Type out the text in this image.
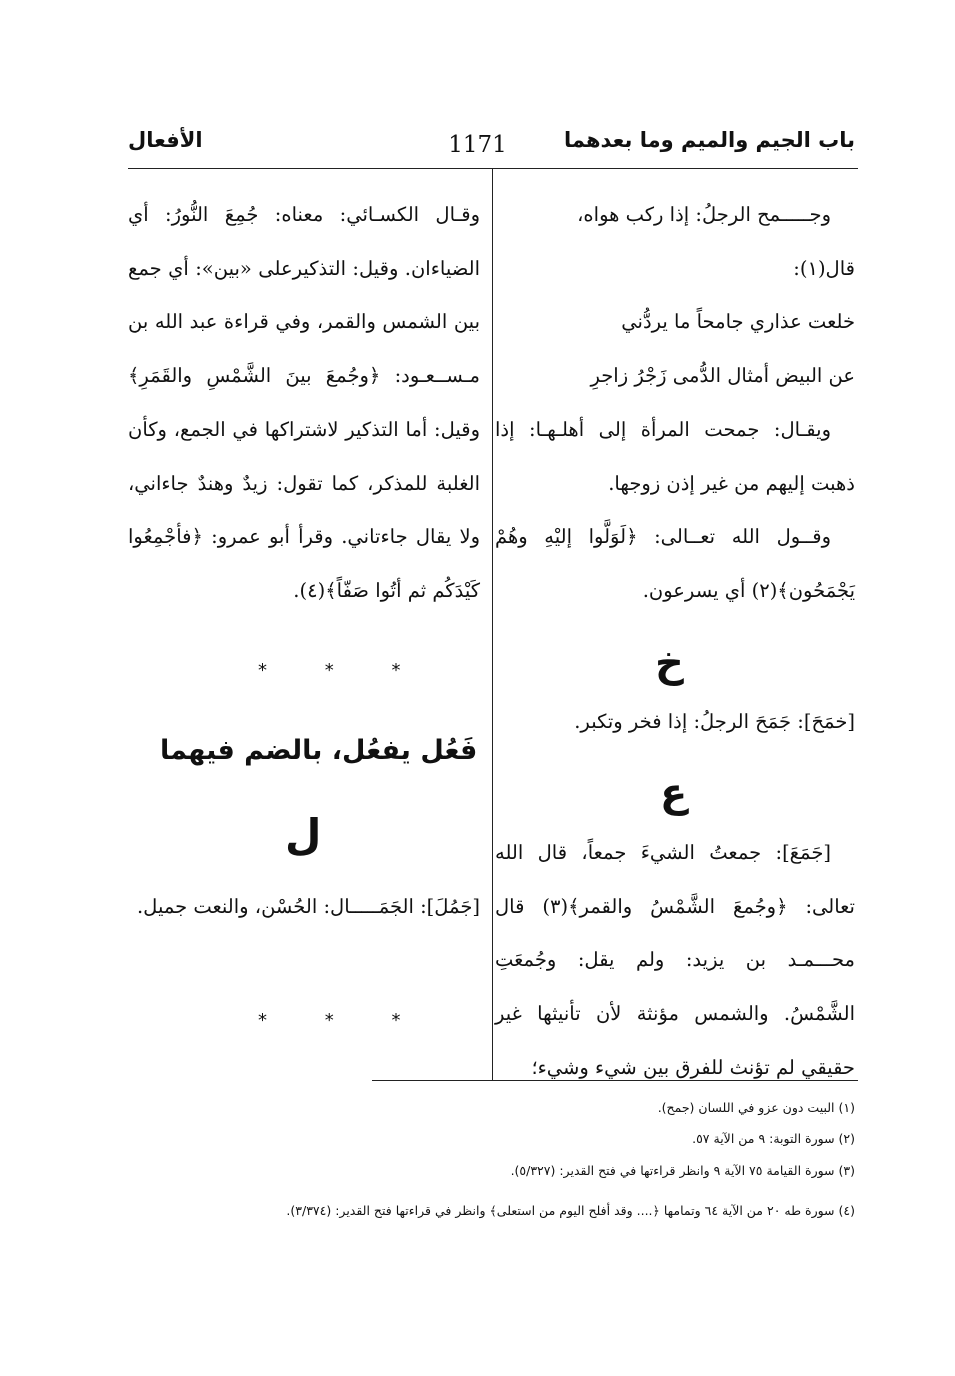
باب الجيم والميم وما بعدهما
1171
الأفعال

وجـــــمح الرجلُ: إذا ركب هواه،

قال(١):

خلعت عذاري جامحاً ما يردُّني

عن البيض أمثال الدُّمى زَجْرُ زاجرِ

ويقـال: جمحت المرأة إلى أهلـهـا: إذا ذهبت إليهم من غير إذن زوجها.

وقــول الله تعــالى: ﴿لَوَلَّوا إليْهِ وهُمْ يَجْمَحُون﴾(٢) أي يسرعون.

خ

[خمَحَ]: جَمَحَ الرجلُ: إذا فخر وتكبر.

ع

[جَمَعَ]: جمعتُ الشيءَ جمعاً، قال الله تعالى: ﴿وجُمعَ الشَّمْسُ والقمر﴾(٣) قال محـــمـد بن يزيد: ولم يقل: وجُمعَتِ الشَّمْسُ. والشمس مؤنثة لأن تأنيثها غير حقيقي لم تؤنث للفرق بين شيء وشيء؛

وقـال الكسـائي: معناه: جُمِعَ النُّورُ: أي الضياءان. وقيل: التذكيرعلى «بين»: أي جمع بين الشمس والقمر، وفي قراءة عبد الله بن مـســعـود: ﴿وجُمعَ بينَ الشَّمْسِ والقَمَرِ﴾ وقيل: أما التذكير لاشتراكها في الجمع، وكأن الغلبة للمذكر، كما تقول: زيدٌ وهندٌ جاءاني، ولا يقال جاءتاني. وقرأ أبو عمرو: ﴿فأجْمِعُوا كَيْدَكُم ثم أتُوا صَفّاً﴾(٤).

* * *
فَعُل يفعُل، بالضم فيهما
ل

[جَمُلَ]: الجَمَـــــال: الحُسْن، والنعت جميل.

* * *
(١) البيت دون عزو في اللسان (جمح).
(٢) سورة التوبة: ٩ من الآية ٥٧.
(٣) سورة القيامة ٧٥ الآية ٩ وانظر قراءتها في فتح القدير: (٥/٣٢٧).
(٤) سورة طه ٢٠ من الآية ٦٤ وتمامها ﴿.... وقد أفلح اليوم من استعلى﴾ وانظر في قراءتها فتح القدير: (٣/٣٧٤).
